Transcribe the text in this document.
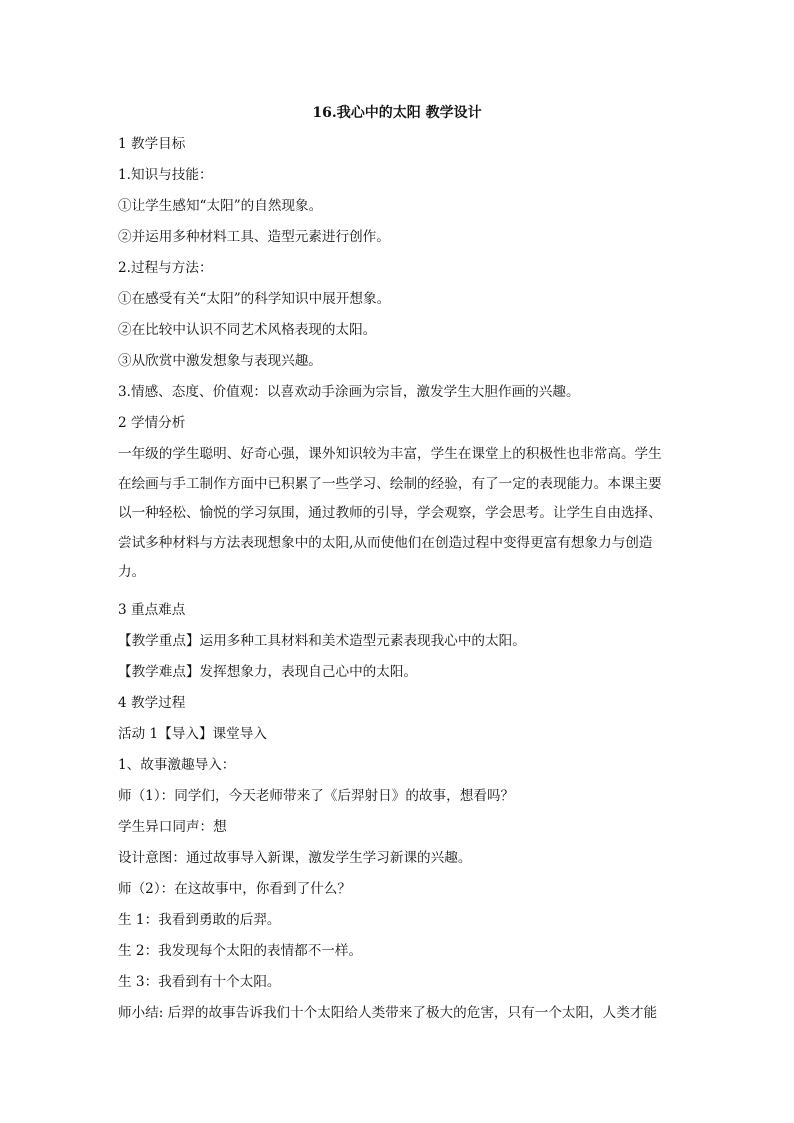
16.我心中的太阳 教学设计
1 教学目标
1.知识与技能：
①让学生感知“太阳”的自然现象。
②并运用多种材料工具、造型元素进行创作。
2.过程与方法：
①在感受有关“太阳”的科学知识中展开想象。
②在比较中认识不同艺术风格表现的太阳。
③从欣赏中激发想象与表现兴趣。
3.情感、态度、价值观：以喜欢动手涂画为宗旨，激发学生大胆作画的兴趣。
2 学情分析
一年级的学生聪明、好奇心强，课外知识较为丰富，学生在课堂上的积极性也非常高。学生
在绘画与手工制作方面中已积累了一些学习、绘制的经验，有了一定的表现能力。本课主要
以一种轻松、愉悦的学习氛围，通过教师的引导，学会观察，学会思考。让学生自由选择、
尝试多种材料与方法表现想象中的太阳,从而使他们在创造过程中变得更富有想象力与创造
力。
3 重点难点
【教学重点】运用多种工具材料和美术造型元素表现我心中的太阳。
【教学难点】发挥想象力，表现自己心中的太阳。
4 教学过程
活动 1【导入】课堂导入
1、故事激趣导入：
师（1）：同学们，今天老师带来了《后羿射日》的故事，想看吗？
学生异口同声：想
设计意图：通过故事导入新课，激发学生学习新课的兴趣。
师（2）：在这故事中，你看到了什么？
生 1：我看到勇敢的后羿。
生 2：我发现每个太阳的表情都不一样。
生 3：我看到有十个太阳。
师小结: 后羿的故事告诉我们十个太阳给人类带来了极大的危害，只有一个太阳，人类才能
